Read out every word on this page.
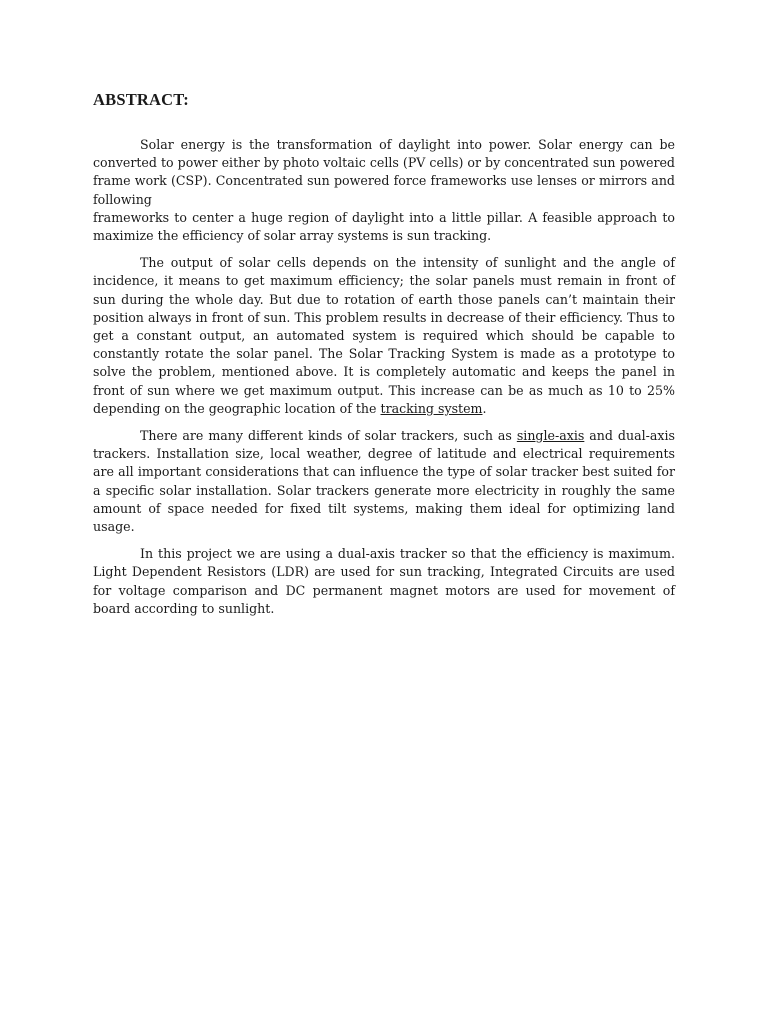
ABSTRACT:

Solar energy is the transformation of daylight into power. Solar energy can be
converted to power either by photo voltaic cells (PV cells) or by concentrated sun powered
frame work (CSP). Concentrated sun powered force frameworks use lenses or mirrors and
following
frameworks to center a huge region of daylight into a little pillar. A feasible approach to
maximize the efficiency of solar array systems is sun tracking.

The output of solar cells depends on the intensity of sunlight and the angle of incidence, it means to get maximum efficiency; the solar panels must remain in front of sun during the whole day. But due to rotation of earth those panels can’t maintain their position always in front of sun. This problem results in decrease of their efficiency. Thus to get a constant output, an automated system is required which should be capable to constantly rotate the solar panel. The Solar Tracking System is made as a prototype to solve the problem, mentioned above. It is completely automatic and keeps the panel in front of sun where we get maximum output. This increase can be as much as 10 to 25% depending on the geographic location of the tracking system.

There are many different kinds of solar trackers, such as single-axis and dual-axis trackers. Installation size, local weather, degree of latitude and electrical requirements are all important considerations that can influence the type of solar tracker best suited for a specific solar installation. Solar trackers generate more electricity in roughly the same amount of space needed for fixed tilt systems, making them ideal for optimizing land usage.

In this project we are using a dual-axis tracker so that the efficiency is maximum. Light Dependent Resistors (LDR) are used for sun tracking, Integrated Circuits are used for voltage comparison and DC permanent magnet motors are used for movement of board according to sunlight.
